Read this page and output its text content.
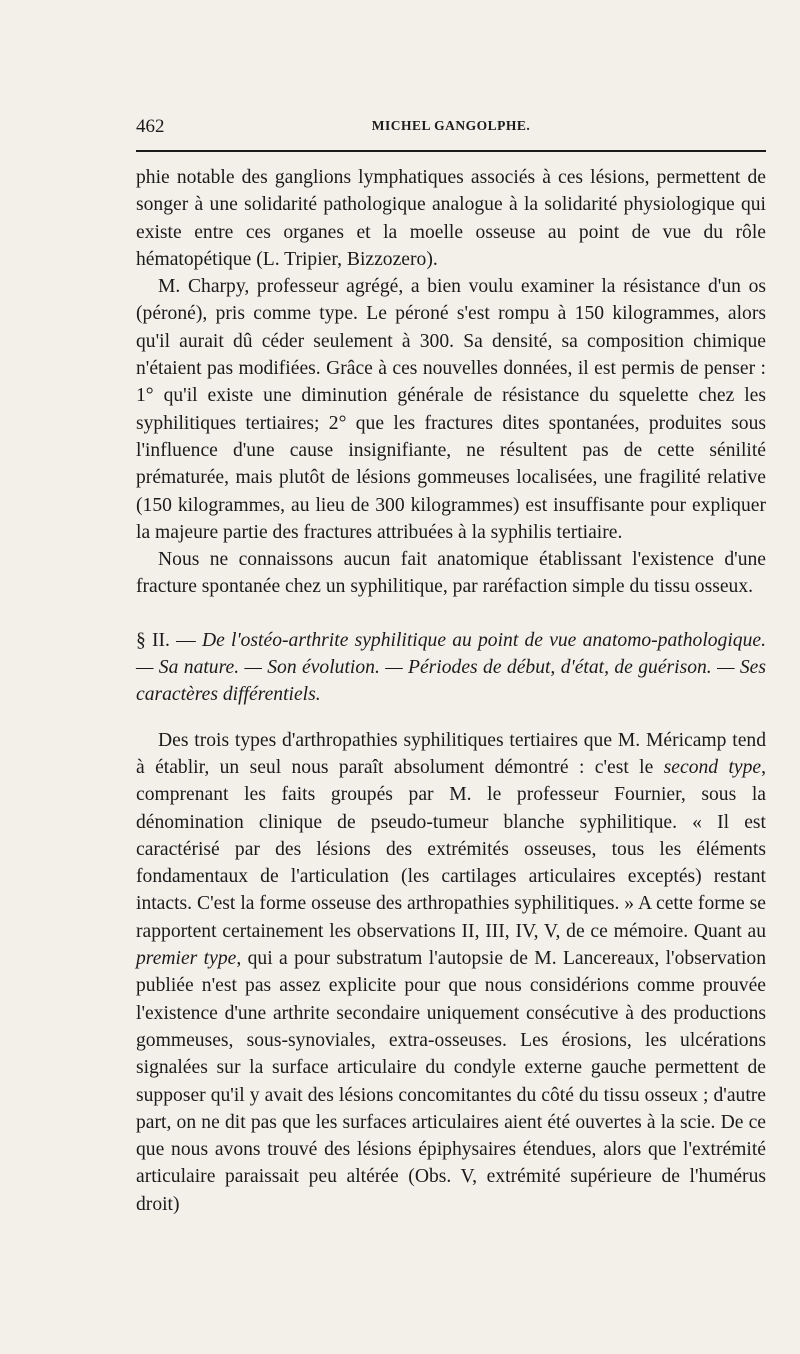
462	MICHEL GANGOLPHE.

phie notable des ganglions lymphatiques associés à ces lésions, permettent de songer à une solidarité pathologique analogue à la solidarité physiologique qui existe entre ces organes et la moelle osseuse au point de vue du rôle hématopétique (L. Tripier, Bizzozero).

M. Charpy, professeur agrégé, a bien voulu examiner la résistance d'un os (péroné), pris comme type. Le péroné s'est rompu à 150 kilogrammes, alors qu'il aurait dû céder seulement à 300. Sa densité, sa composition chimique n'étaient pas modifiées. Grâce à ces nouvelles données, il est permis de penser : 1° qu'il existe une diminution générale de résistance du squelette chez les syphilitiques tertiaires; 2° que les fractures dites spontanées, produites sous l'influence d'une cause insignifiante, ne résultent pas de cette sénilité prématurée, mais plutôt de lésions gommeuses localisées, une fragilité relative (150 kilogrammes, au lieu de 300 kilogrammes) est insuffisante pour expliquer la majeure partie des fractures attribuées à la syphilis tertiaire.

Nous ne connaissons aucun fait anatomique établissant l'existence d'une fracture spontanée chez un syphilitique, par raréfaction simple du tissu osseux.

§ II. — De l'ostéo-arthrite syphilitique au point de vue anatomo-pathologique. — Sa nature. — Son évolution. — Périodes de début, d'état, de guérison. — Ses caractères différentiels.

Des trois types d'arthropathies syphilitiques tertiaires que M. Méricamp tend à établir, un seul nous paraît absolument démontré : c'est le second type, comprenant les faits groupés par M. le professeur Fournier, sous la dénomination clinique de pseudo-tumeur blanche syphilitique. « Il est caractérisé par des lésions des extrémités osseuses, tous les éléments fondamentaux de l'articulation (les cartilages articulaires exceptés) restant intacts. C'est la forme osseuse des arthropathies syphilitiques. » A cette forme se rapportent certainement les observations II, III, IV, V, de ce mémoire. Quant au premier type, qui a pour substratum l'autopsie de M. Lancereaux, l'observation publiée n'est pas assez explicite pour que nous considérions comme prouvée l'existence d'une arthrite secondaire uniquement consécutive à des productions gommeuses, sous-synoviales, extra-osseuses. Les érosions, les ulcérations signalées sur la surface articulaire du condyle externe gauche permettent de supposer qu'il y avait des lésions concomitantes du côté du tissu osseux ; d'autre part, on ne dit pas que les surfaces articulaires aient été ouvertes à la scie. De ce que nous avons trouvé des lésions épiphysaires étendues, alors que l'extrémité articulaire paraissait peu altérée (Obs. V, extrémité supérieure de l'humérus droit)
